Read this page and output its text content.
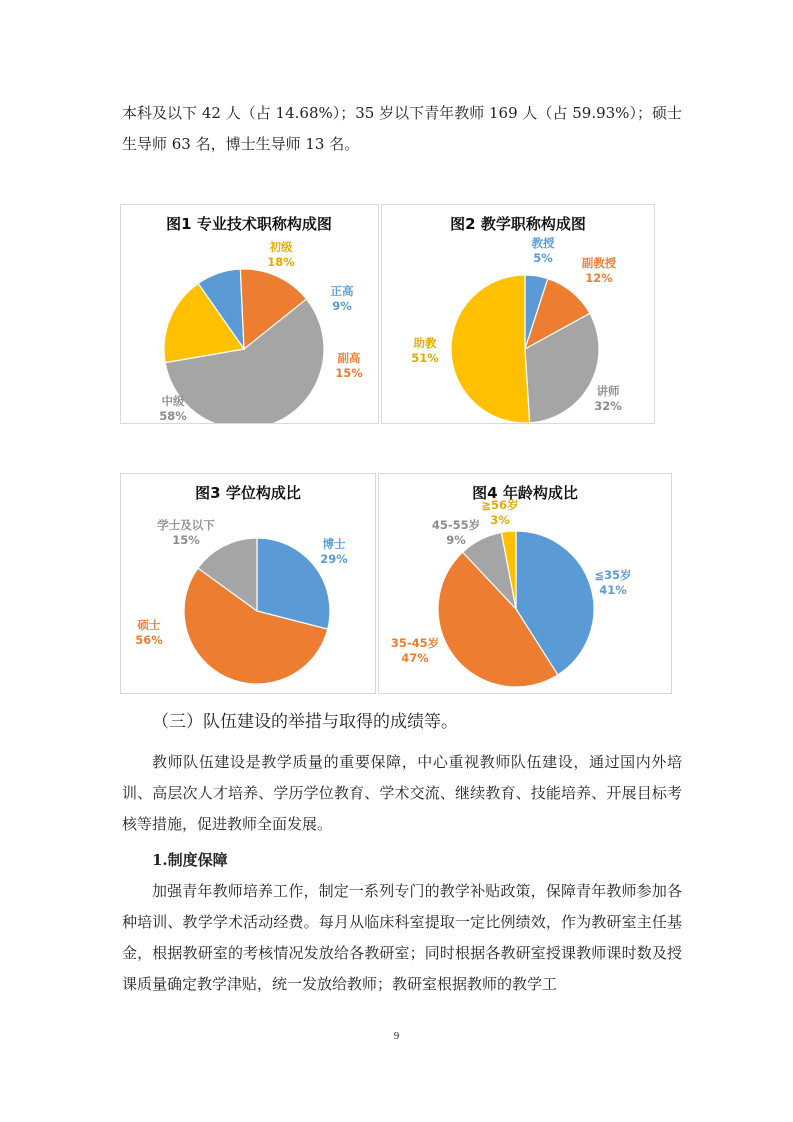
本科及以下 42 人（占 14.68%）；35 岁以下青年教师 169 人（占 59.93%）；硕士生导师 63 名，博士生导师 13 名。

图1 专业技术职称构成图
正高
9%
副高
15%
中级
58%
初级
18%
图2 教学职称构成图
教授
5%	副教授
12%
讲师
32%
助教
51%
图3 学位构成比
博士
29%
硕士
56%
学士及以下
15%
图4 年龄构成比
≦35岁
41%
35-45岁
47%
45-55岁
9%
≧56岁
3%

（三）队伍建设的举措与取得的成绩等。

教师队伍建设是教学质量的重要保障，中心重视教师队伍建设，通过国内外培训、高层次人才培养、学历学位教育、学术交流、继续教育、技能培养、开展目标考核等措施，促进教师全面发展。

1.制度保障

加强青年教师培养工作，制定一系列专门的教学补贴政策，保障青年教师参加各种培训、教学学术活动经费。每月从临床科室提取一定比例绩效，作为教研室主任基金，根据教研室的考核情况发放给各教研室；同时根据各教研室授课教师课时数及授课质量确定教学津贴，统一发放给教师；教研室根据教师的教学工

9
